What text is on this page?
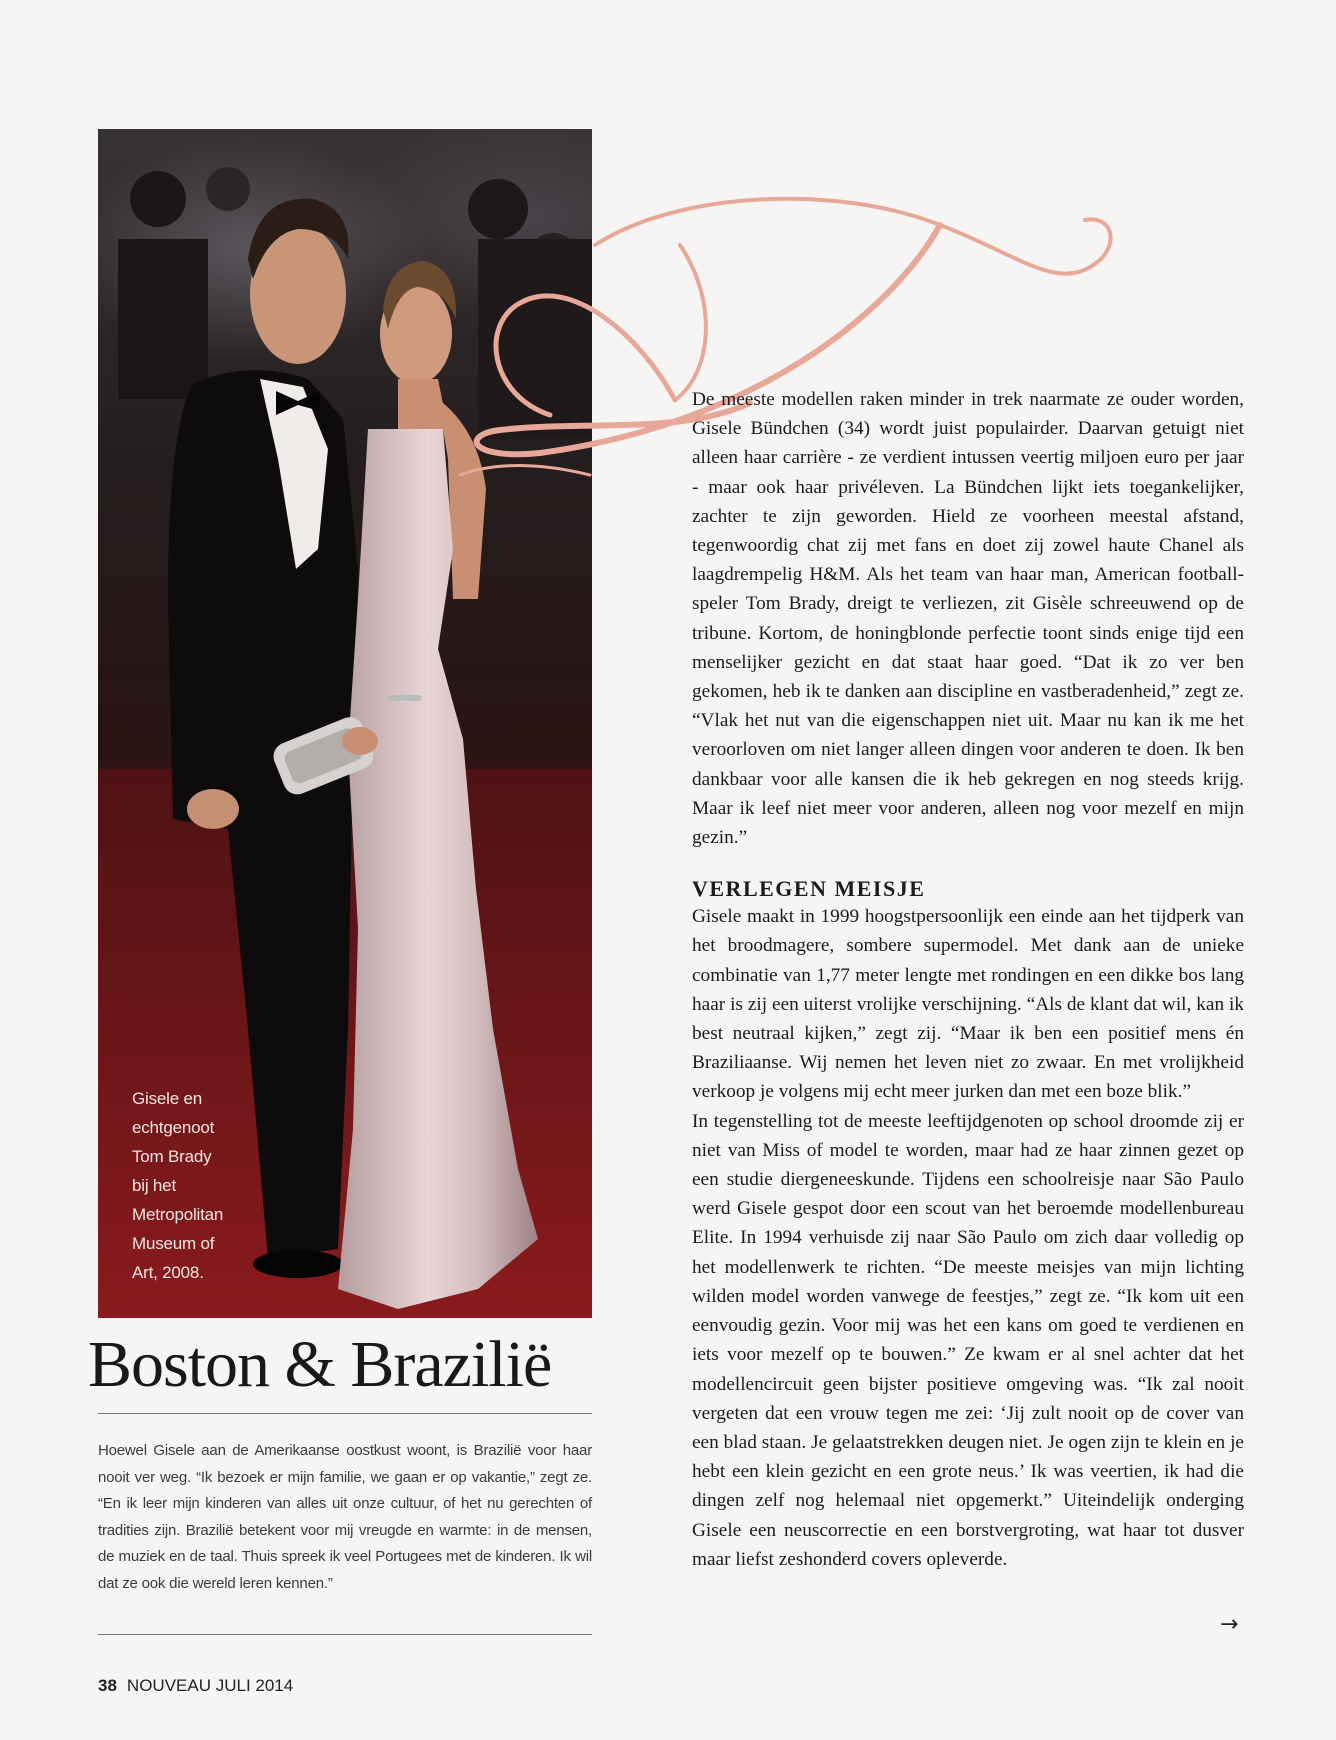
Gisele en echtgenoot Tom Brady bij het Metropolitan Museum of Art, 2008.

De meeste modellen raken minder in trek naarmate ze ouder worden, Gisele Bündchen (34) wordt juist populairder. Daarvan getuigt niet alleen haar carrière - ze verdient intussen veertig miljoen euro per jaar - maar ook haar privéleven. La Bündchen lijkt iets toegankelijker, zachter te zijn geworden. Hield ze voorheen meestal afstand, tegenwoordig chat zij met fans en doet zij zowel haute Chanel als laagdrempelig H&M. Als het team van haar man, American football-speler Tom Brady, dreigt te verliezen, zit Gisèle schreeuwend op de tribune. Kortom, de honingblonde perfectie toont sinds enige tijd een menselijker gezicht en dat staat haar goed. “Dat ik zo ver ben gekomen, heb ik te danken aan discipline en vastberadenheid,” zegt ze. “Vlak het nut van die eigenschappen niet uit. Maar nu kan ik me het veroorloven om niet langer alleen dingen voor anderen te doen. Ik ben dankbaar voor alle kansen die ik heb gekregen en nog steeds krijg. Maar ik leef niet meer voor anderen, alleen nog voor mezelf en mijn gezin.”

VERLEGEN MEISJE

Gisele maakt in 1999 hoogstpersoonlijk een einde aan het tijdperk van het broodmagere, sombere supermodel. Met dank aan de unieke combinatie van 1,77 meter lengte met rondingen en een dikke bos lang haar is zij een uiterst vrolijke verschijning. “Als de klant dat wil, kan ik best neutraal kijken,” zegt zij. “Maar ik ben een positief mens én Braziliaanse. Wij nemen het leven niet zo zwaar. En met vrolijkheid verkoop je volgens mij echt meer jurken dan met een boze blik.”

In tegenstelling tot de meeste leeftijdgenoten op school droomde zij er niet van Miss of model te worden, maar had ze haar zinnen gezet op een studie diergeneeskunde. Tijdens een schoolreisje naar São Paulo werd Gisele gespot door een scout van het beroemde modellenbureau Elite. In 1994 verhuisde zij naar São Paulo om zich daar volledig op het modellenwerk te richten. “De meeste meisjes van mijn lichting wilden model worden vanwege de feestjes,” zegt ze. “Ik kom uit een eenvoudig gezin. Voor mij was het een kans om goed te verdienen en iets voor mezelf op te bouwen.” Ze kwam er al snel achter dat het modellencircuit geen bijster positieve omgeving was. “Ik zal nooit vergeten dat een vrouw tegen me zei: ‘Jij zult nooit op de cover van een blad staan. Je gelaatstrekken deugen niet. Je ogen zijn te klein en je hebt een klein gezicht en een grote neus.’ Ik was veertien, ik had die dingen zelf nog helemaal niet opgemerkt.” Uiteindelijk onderging Gisele een neuscorrectie en een borstvergroting, wat haar tot dusver maar liefst zeshonderd covers opleverde.

→
Boston & Brazilië
Hoewel Gisele aan de Amerikaanse oostkust woont, is Brazilië voor haar nooit ver weg. “Ik bezoek er mijn familie, we gaan er op vakantie,” zegt ze. “En ik leer mijn kinderen van alles uit onze cultuur, of het nu gerechten of tradities zijn. Brazilië betekent voor mij vreugde en warmte: in de mensen, de muziek en de taal. Thuis spreek ik veel Portugees met de kinderen. Ik wil dat ze ook die wereld leren kennen.”
38 NOUVEAU JULI 2014
